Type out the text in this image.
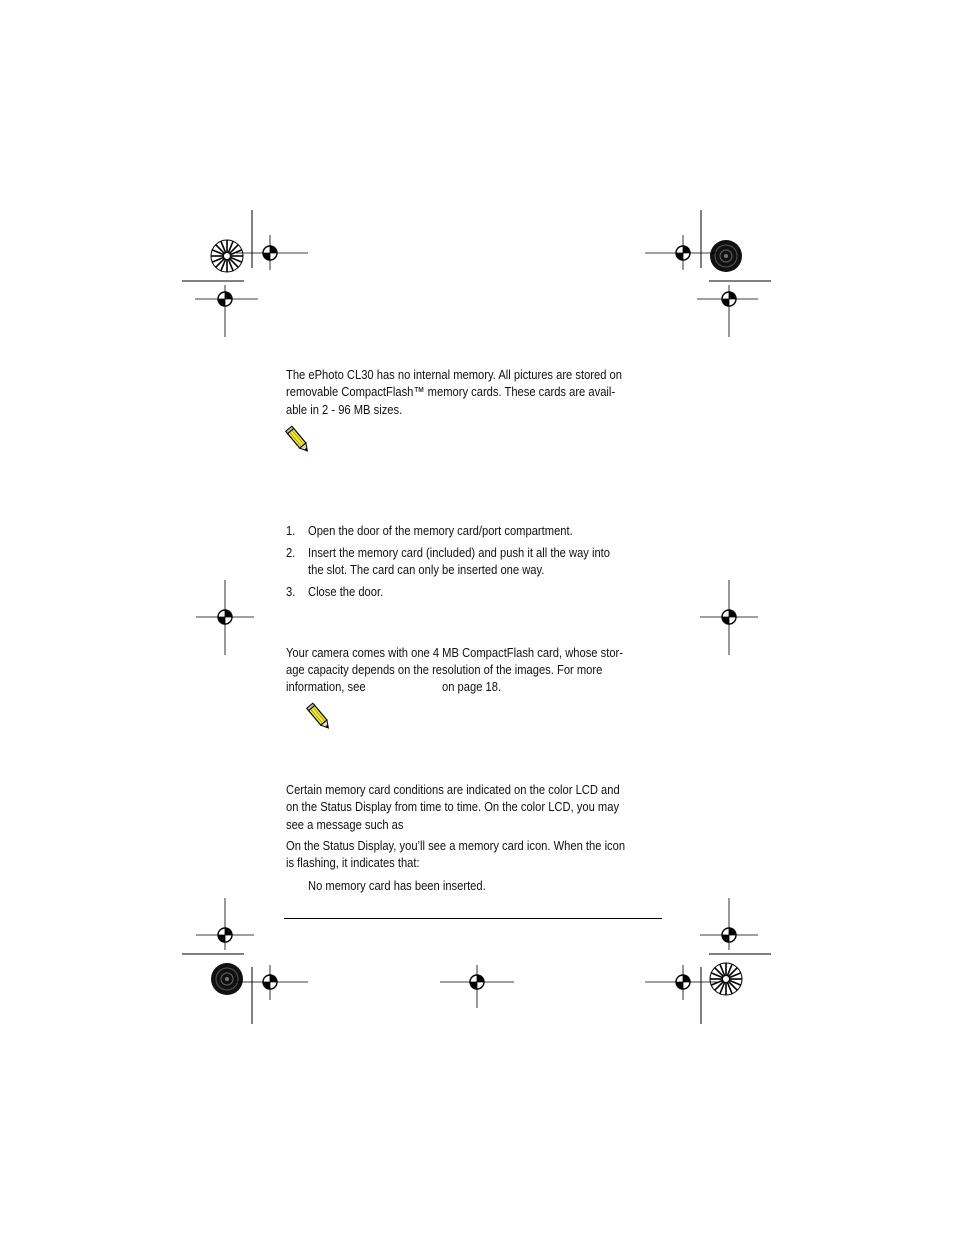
The ePhoto CL30 has no internal memory. All pictures are stored on
removable CompactFlash™ memory cards. These cards are avail-
able in 2 - 96 MB sizes.
1. Open the door of the memory card/port compartment.
2. Insert the memory card (included) and push it all the way into
the slot. The card can only be inserted one way.
3. Close the door.
Your camera comes with one 4 MB CompactFlash card, whose stor-
age capacity depends on the resolution of the images. For more
information, see	on page 18.
Certain memory card conditions are indicated on the color LCD and
on the Status Display from time to time. On the color LCD, you may
see a message such as
On the Status Display, you’ll see a memory card icon. When the icon
is flashing, it indicates that:
No memory card has been inserted.
